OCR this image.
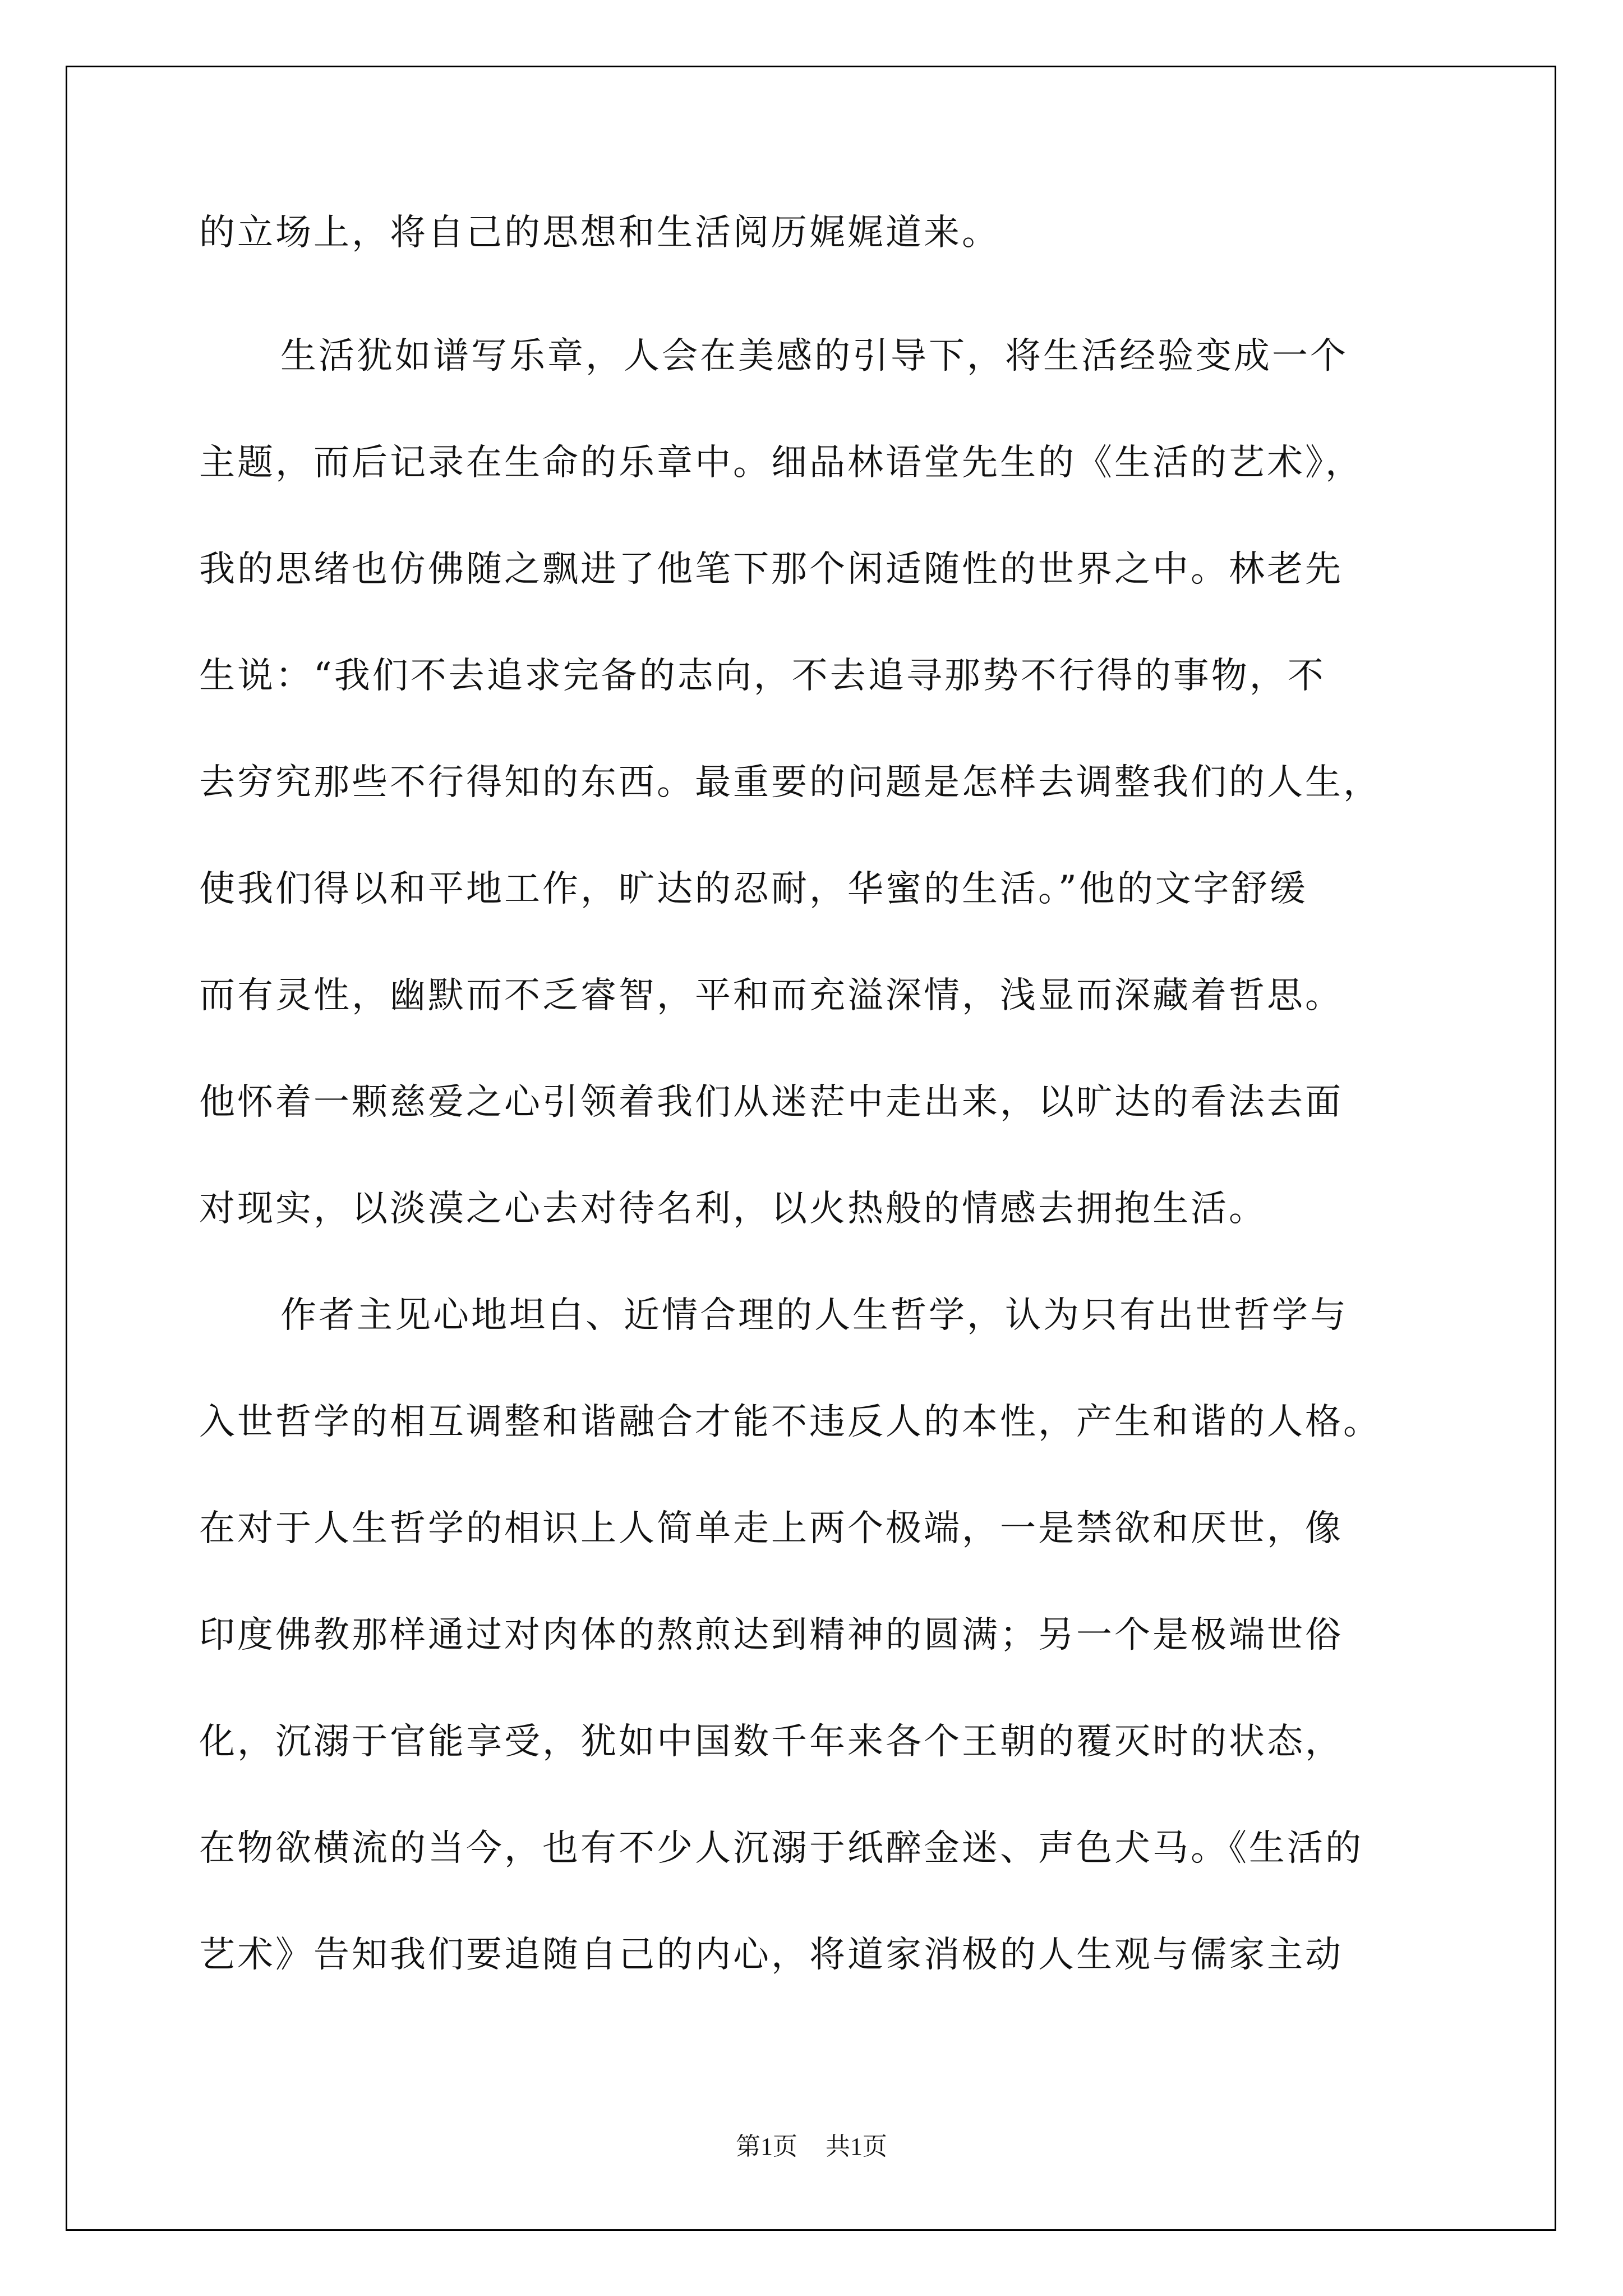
的立场上，将自己的思想和生活阅历娓娓道来。

生活犹如谱写乐章，人会在美感的引导下，将生活经验变成一个

主题，而后记录在生命的乐章中。细品林语堂先生的《生活的艺术》，

我的思绪也仿佛随之飘进了他笔下那个闲适随性的世界之中。林老先

生说：“我们不去追求完备的志向，不去追寻那势不行得的事物，不

去穷究那些不行得知的东西。最重要的问题是怎样去调整我们的人生，

使我们得以和平地工作，旷达的忍耐，华蜜的生活。”他的文字舒缓

而有灵性，幽默而不乏睿智，平和而充溢深情，浅显而深藏着哲思。

他怀着一颗慈爱之心引领着我们从迷茫中走出来，以旷达的看法去面

对现实，以淡漠之心去对待名利，以火热般的情感去拥抱生活。

作者主见心地坦白、近情合理的人生哲学，认为只有出世哲学与

入世哲学的相互调整和谐融合才能不违反人的本性，产生和谐的人格。

在对于人生哲学的相识上人简单走上两个极端，一是禁欲和厌世，像

印度佛教那样通过对肉体的熬煎达到精神的圆满；另一个是极端世俗

化，沉溺于官能享受，犹如中国数千年来各个王朝的覆灭时的状态，

在物欲横流的当今，也有不少人沉溺于纸醉金迷、声色犬马。《生活的

艺术》告知我们要追随自己的内心，将道家消极的人生观与儒家主动

第1页 共1页
